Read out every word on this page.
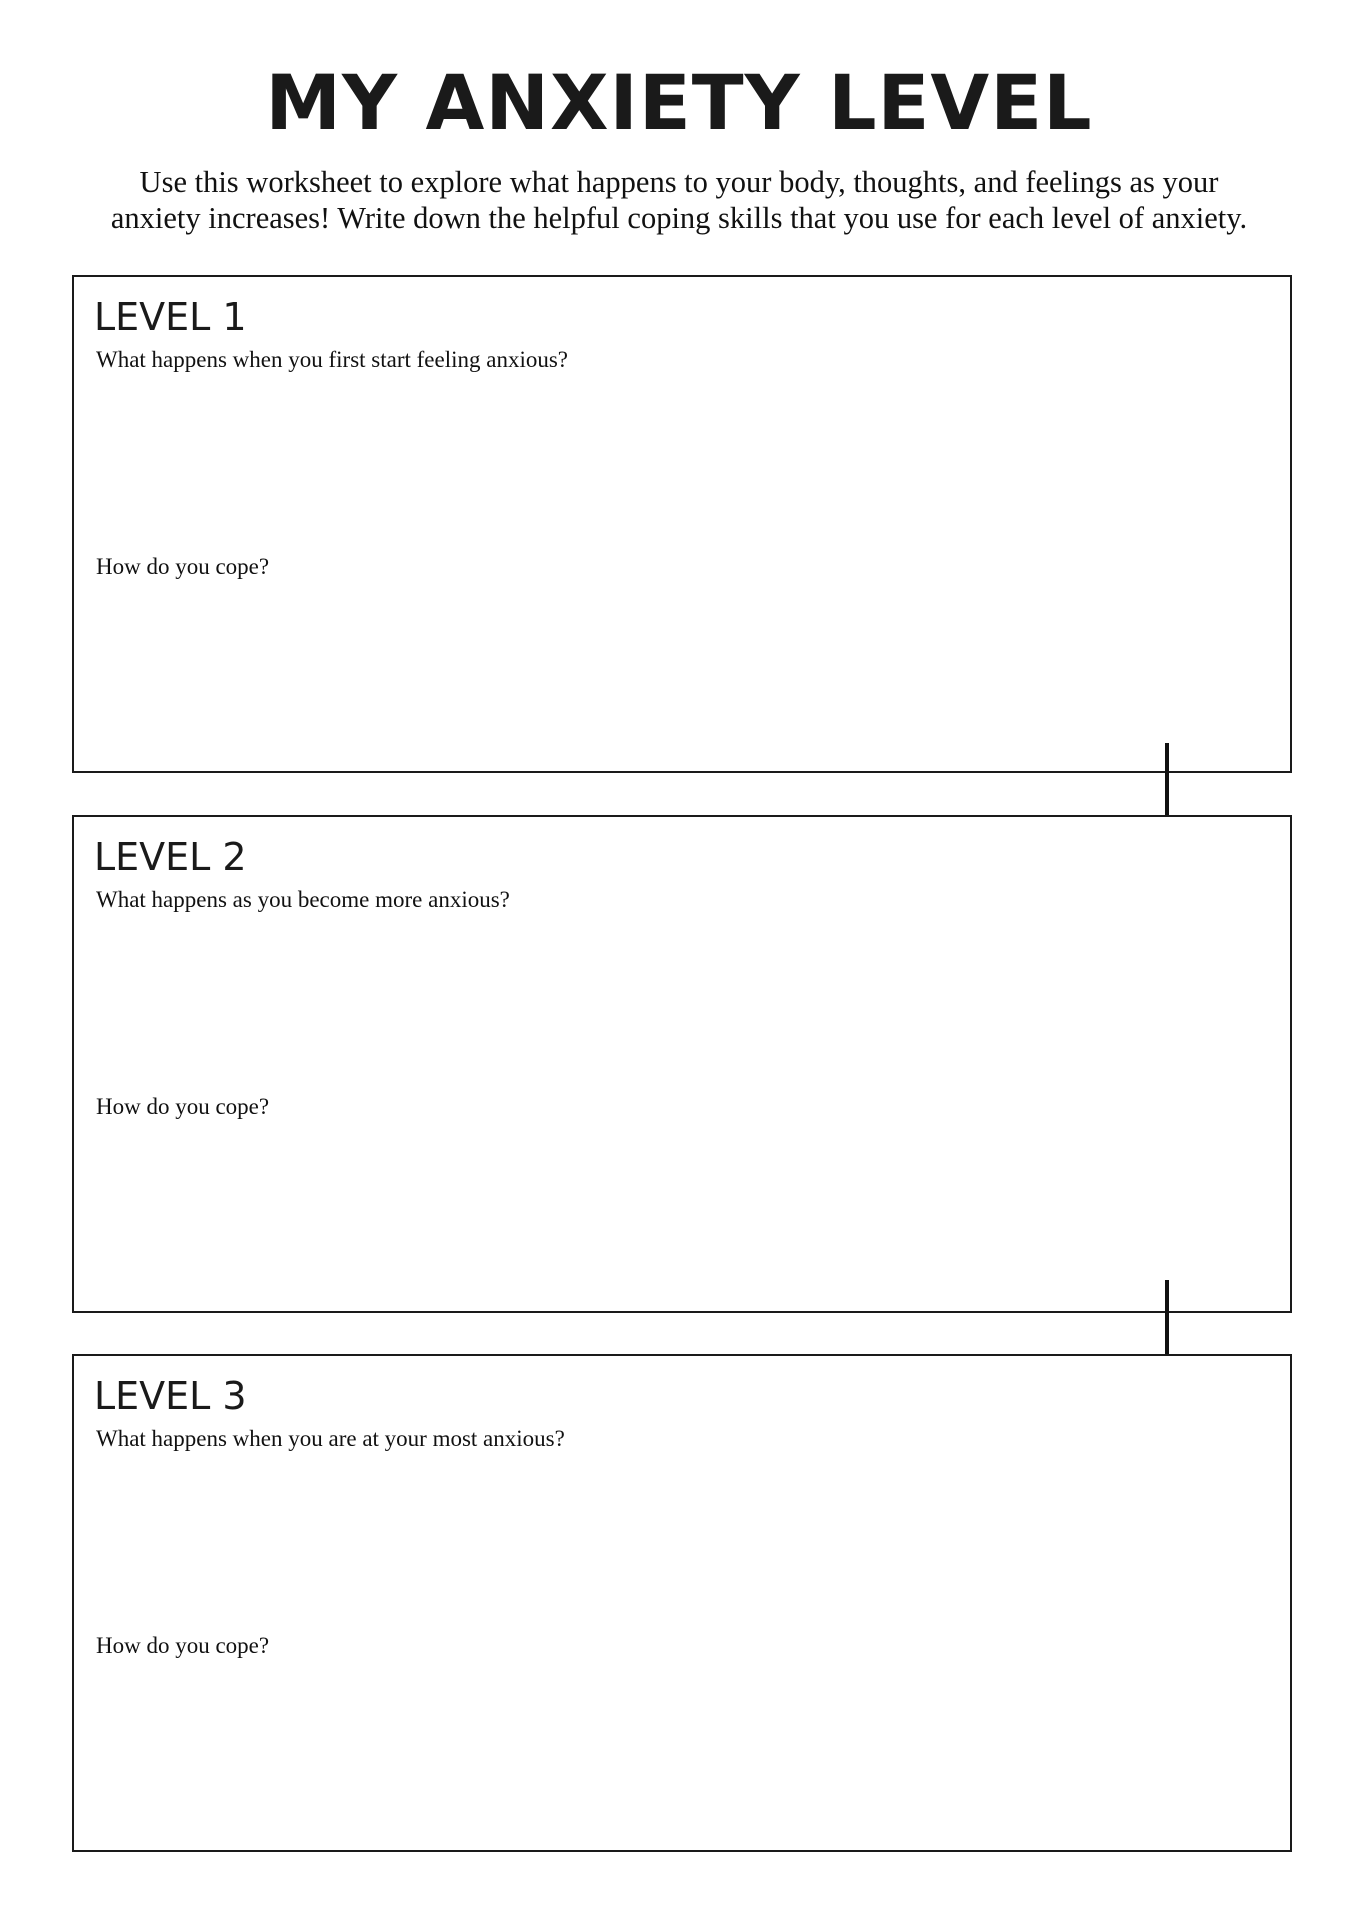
MY ANXIETY LEVEL
Use this worksheet to explore what happens to your body, thoughts, and feelings as your
anxiety increases! Write down the helpful coping skills that you use for each level of anxiety.
LEVEL 1
What happens when you first start feeling anxious?
How do you cope?
LEVEL 2
What happens as you become more anxious?
How do you cope?
LEVEL 3
What happens when you are at your most anxious?
How do you cope?
